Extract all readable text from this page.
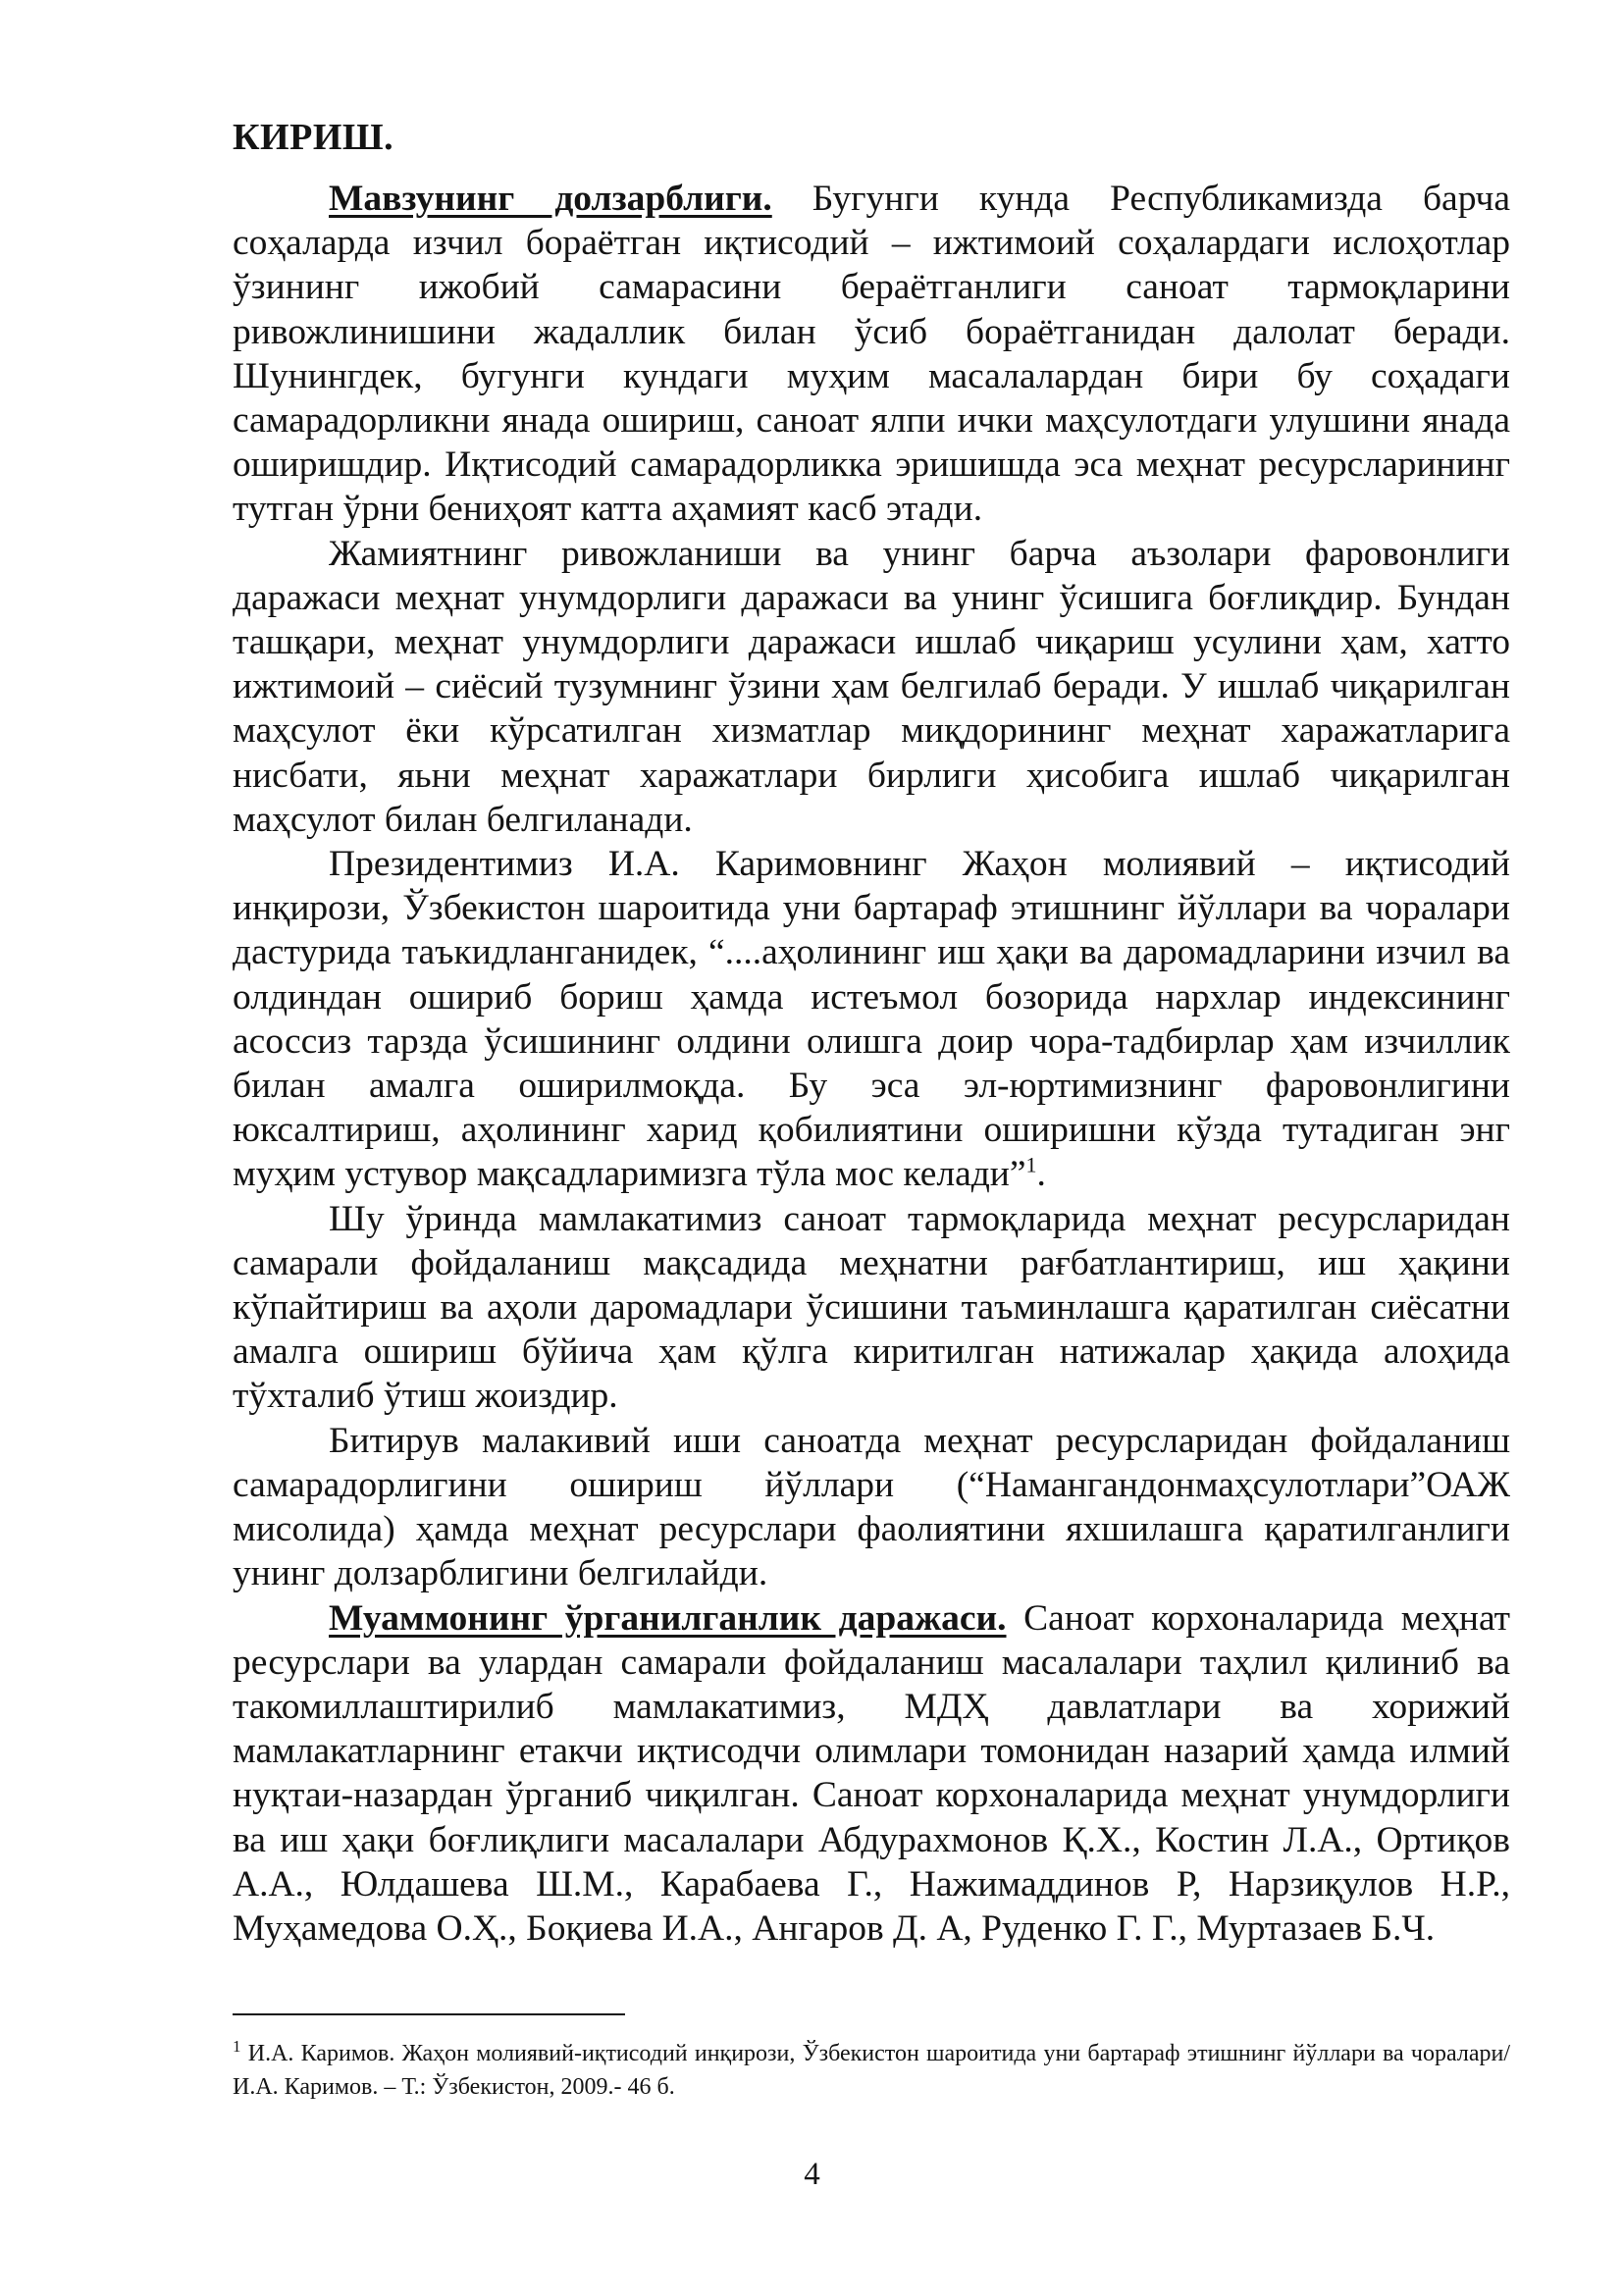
КИРИШ.

Мавзунинг долзарблиги. Бугунги кунда Республикамизда барча соҳаларда изчил бораётган иқтисодий – ижтимоий соҳалардаги ислоҳотлар ўзининг ижобий самарасини бераётганлиги саноат тармоқларини ривожлинишини жадаллик билан ўсиб бораётганидан далолат беради. Шунингдек, бугунги кундаги муҳим масалалардан бири бу соҳадаги самарадорликни янада ошириш, саноат ялпи ички маҳсулотдаги улушини янада оширишдир. Иқтисодий самарадорликка эришишда эса меҳнат ресурсларининг тутган ўрни бениҳоят катта аҳамият касб этади.

Жамиятнинг ривожланиши ва унинг барча аъзолари фаровонлиги даражаси меҳнат унумдорлиги даражаси ва унинг ўсишига боғлиқдир. Бундан ташқари, меҳнат унумдорлиги даражаси ишлаб чиқариш усулини ҳам, хатто ижтимоий – сиёсий тузумнинг ўзини ҳам белгилаб беради. У ишлаб чиқарилган маҳсулот ёки кўрсатилган хизматлар миқдорининг меҳнат харажатларига нисбати, яьни меҳнат харажатлари бирлиги ҳисобига ишлаб чиқарилган маҳсулот билан белгиланади.

Президентимиз И.А. Каримовнинг Жаҳон молиявий – иқтисодий инқирози, Ўзбекистон шароитида уни бартараф этишнинг йўллари ва чоралари дастурида таъкидланганидек, “....аҳолининг иш ҳақи ва даромадларини изчил ва олдиндан ошириб бориш ҳамда истеъмол бозорида нархлар индексининг асоссиз тарзда ўсишининг олдини олишга доир чора-тадбирлар ҳам изчиллик билан амалга оширилмоқда. Бу эса эл-юртимизнинг фаровонлигини юксалтириш, аҳолининг харид қобилиятини оширишни кўзда тутадиган энг муҳим устувор мақсадларимизга тўла мос келади”$^1$.

Шу ўринда мамлакатимиз саноат тармоқларида меҳнат ресурсларидан самарали фойдаланиш мақсадида меҳнатни рағбатлантириш, иш ҳақини кўпайтириш ва аҳоли даромадлари ўсишини таъминлашга қаратилган сиёсатни амалга ошириш бўйича ҳам қўлга киритилган натижалар ҳақида алоҳида тўхталиб ўтиш жоиздир.

Битирув малакивий иши саноатда меҳнат ресурсларидан фойдаланиш самарадорлигини ошириш йўллари (“Намангандонмаҳсулотлари”ОАЖ мисолида) ҳамда меҳнат ресурслари фаолиятини яхшилашга қаратилганлиги унинг долзарблигини белгилайди.

Муаммонинг ўрганилганлик даражаси. Саноат корхоналарида меҳнат ресурслари ва улардан самарали фойдаланиш масалалари таҳлил қилиниб ва такомиллаштирилиб мамлакатимиз, МДҲ давлатлари ва хорижий мамлакатларнинг етакчи иқтисодчи олимлари томонидан назарий ҳамда илмий нуқтаи-назардан ўрганиб чиқилган. Саноат корхоналарида меҳнат унумдорлиги ва иш ҳақи боғлиқлиги масалалари Абдурахмонов Қ.Х., Костин Л.А., Ортиқов А.А., Юлдашева Ш.М., Карабаева Г., Нажимаддинов Р, Нарзиқулов Н.Р., Муҳамедова О.Ҳ., Боқиева И.А., Ангаров Д. А, Руденко Г. Г., Муртазаев Б.Ч.

$^1$ И.А. Каримов. Жаҳон молиявий-иқтисодий инқирози, Ўзбекистон шароитида уни бартараф этишнинг йўллари ва чоралари/И.А. Каримов. – Т.: Ўзбекистон, 2009.- 46 б.
4
